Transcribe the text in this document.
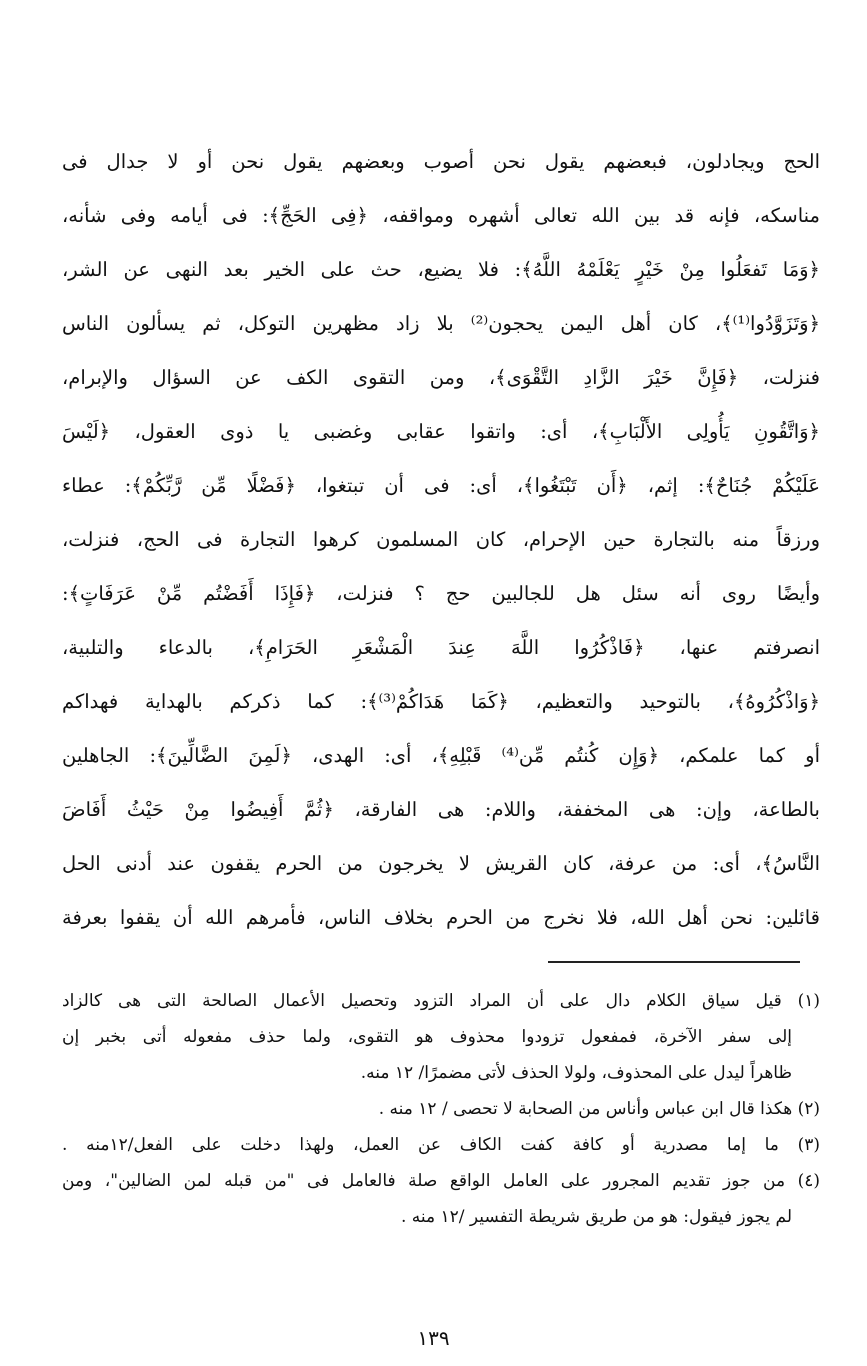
الحج ويجادلون، فبعضهم يقول نحن أصوب وبعضهم يقول نحن أو لا جدال فى
مناسكه، فإنه قد بين الله تعالى أشهره ومواقفه، ﴿فِى الحَجِّ﴾: فى أيامه وفى شأنه،
﴿وَمَا تَفعَلُوا مِنْ خَيْرٍ يَعْلَمْهُ اللَّهُ﴾: فلا يضيع، حث على الخير بعد النهى عن الشر،
﴿وَتَزَوَّدُوا⁽¹⁾﴾، كان أهل اليمن يحجون⁽²⁾ بلا زاد مظهرين التوكل، ثم يسألون الناس
فنزلت، ﴿فَإِنَّ خَيْرَ الزَّادِ التَّقْوَى﴾، ومن التقوى الكف عن السؤال والإبرام،
﴿وَاتَّقُونِ يَأُولِى الأَلْبَابِ﴾، أى: واتقوا عقابى وغضبى يا ذوى العقول، ﴿لَيْسَ
عَلَيْكُمْ جُنَاحٌ﴾: إثم، ﴿أَن تَبْتَغُوا﴾، أى: فى أن تبتغوا، ﴿فَضْلًا مِّن رَّبِّكُمْ﴾: عطاء
ورزقاً منه بالتجارة حين الإحرام، كان المسلمون كرهوا التجارة فى الحج، فنزلت،
وأيضًا روى أنه سئل هل للجالبين حج ؟ فنزلت، ﴿فَإِذَا أَفَضْتُم مِّنْ عَرَفَاتٍ﴾:
انصرفتم عنها، ﴿فَاذْكُرُوا اللَّهَ عِندَ الْمَشْعَرِ الحَرَامِ﴾، بالدعاء والتلبية،
﴿وَاذْكُرُوهُ﴾، بالتوحيد والتعظيم، ﴿كَمَا هَدَاكُمْ⁽³⁾﴾: كما ذكركم بالهداية فهداكم
أو كما علمكم، ﴿وَإِن كُنتُم مِّن⁽⁴⁾ قَبْلِهِ﴾، أى: الهدى، ﴿لَمِنَ الضَّالِّينَ﴾: الجاهلين
بالطاعة، وإن: هى المخففة، واللام: هى الفارقة، ﴿ثُمَّ أَفِيضُوا مِنْ حَيْثُ أَفَاضَ
النَّاسُ﴾، أى: من عرفة، كان القريش لا يخرجون من الحرم يقفون عند أدنى الحل
قائلين: نحن أهل الله، فلا نخرج من الحرم بخلاف الناس، فأمرهم الله أن يقفوا بعرفة
(١) قيل سياق الكلام دال على أن المراد التزود وتحصيل الأعمال الصالحة التى هى كالزاد
إلى سفر الآخرة، فمفعول تزودوا محذوف هو التقوى، ولما حذف مفعوله أتى بخبر إن
ظاهراً ليدل على المحذوف، ولولا الحذف لأتى مضمرًا/ ١٢ منه.
(٢) هكذا قال ابن عباس وأناس من الصحابة لا تحصى / ١٢ منه .
(٣) ما إما مصدرية أو كافة كفت الكاف عن العمل، ولهذا دخلت على الفعل/١٢منه .
(٤) من جوز تقديم المجرور على العامل الواقع صلة فالعامل فى "من قبله لمن الضالين"، ومن
لم يجوز فيقول: هو من طريق شريطة التفسير /١٢ منه .
١٣٩
